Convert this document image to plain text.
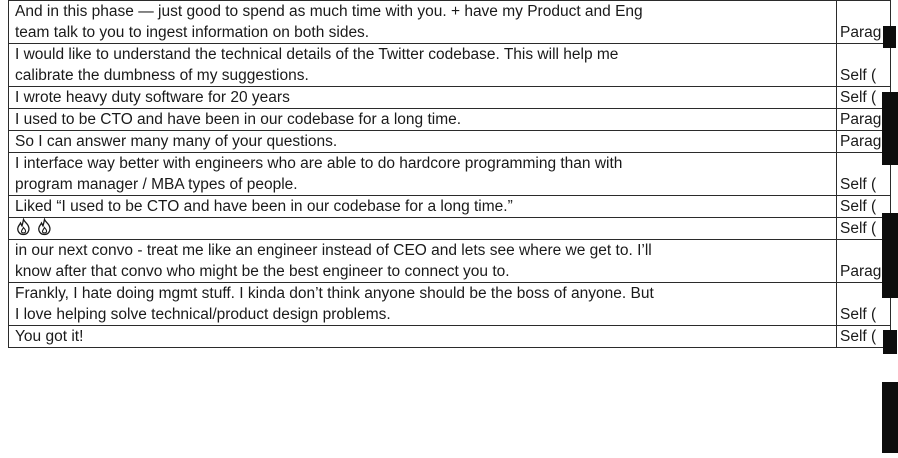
And in this phase — just good to spend as much time with you. + have my Product and Eng
team talk to you to ingest information on both sides.	Parag

I would like to understand the technical details of the Twitter codebase. This will help me
calibrate the dumbness of my suggestions.	Self (

I wrote heavy duty software for 20 years	Self (

I used to be CTO and have been in our codebase for a long time.	Parag

So I can answer many many of your questions.	Parag

I interface way better with engineers who are able to do hardcore programming than with
program manager / MBA types of people.	Self (

Liked “I used to be CTO and have been in our codebase for a long time.”	Self (

	Self (

in our next convo - treat me like an engineer instead of CEO and lets see where we get to. I’ll
know after that convo who might be the best engineer to connect you to.	Parag

Frankly, I hate doing mgmt stuff. I kinda don’t think anyone should be the boss of anyone. But
I love helping solve technical/product design problems.	Self (

You got it!	Self (
